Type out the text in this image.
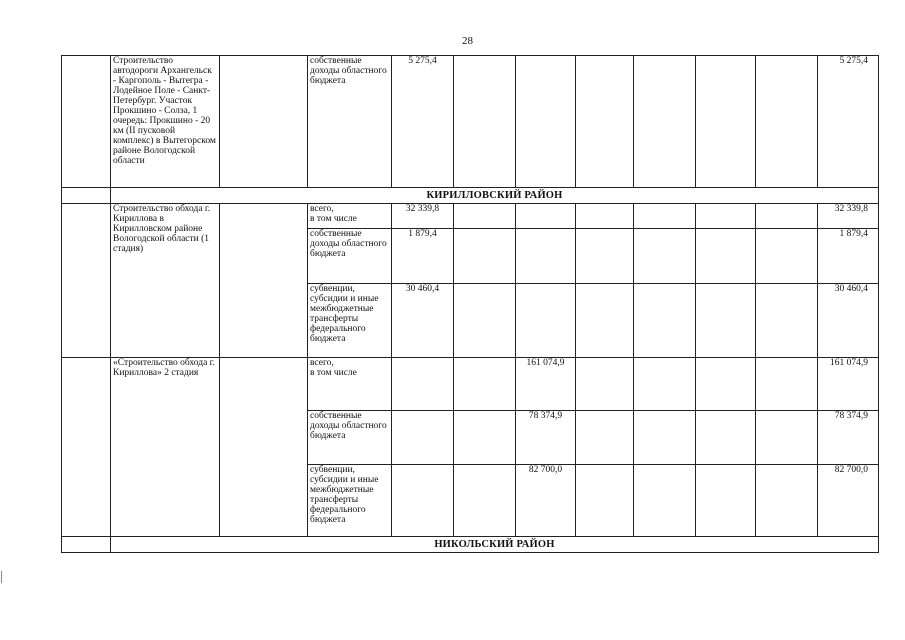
28
	Строительство автодороги Архангельск - Каргополь - Вытегра - Лодейное Поле - Санкт-Петербург. Участок Прокшино - Солза, 1 очередь: Прокшино - 20 км (II пусковой комплекс) в Вытегорском районе Вологодской области		собственные доходы областного бюджета	5 275,4							5 275,4
	КИРИЛЛОВСКИЙ РАЙОН										
	Строительство обхода г. Кириллова в Кирилловском районе Вологодской области (1 стадия)		всего,
в том числе	32 339,8							32 339,8
			собственные доходы областного бюджета	1 879,4							1 879,4
			субвенции, субсидии и иные межбюджетные трансферты федерального бюджета	30 460,4							30 460,4
	«Строительство обхода г. Кириллова» 2 стадия		всего,
в том числе			161 074,9					161 074,9
			собственные доходы областного бюджета			78 374,9					78 374,9
			субвенции, субсидии и иные межбюджетные трансферты федерального бюджета			82 700,0					82 700,0
	НИКОЛЬСКИЙ РАЙОН										
